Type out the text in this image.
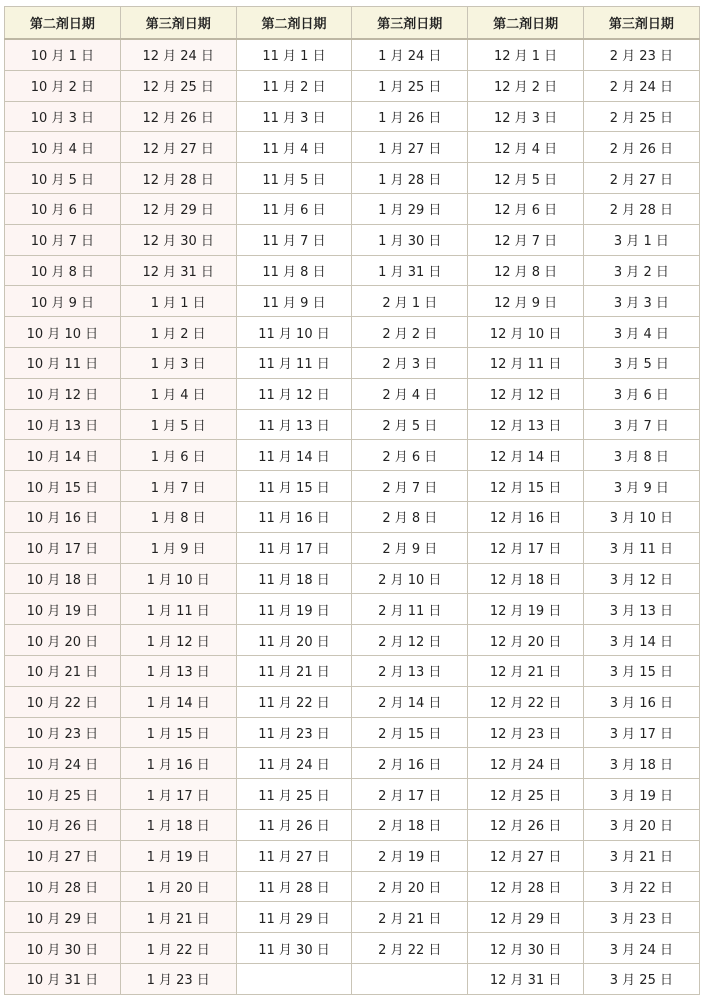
第二剤日期	第三剤日期	第二剤日期	第三剤日期	第二剤日期	第三剤日期
10 月 1 日	12 月 24 日	11 月 1 日	1 月 24 日	12 月 1 日	2 月 23 日
10 月 2 日	12 月 25 日	11 月 2 日	1 月 25 日	12 月 2 日	2 月 24 日
10 月 3 日	12 月 26 日	11 月 3 日	1 月 26 日	12 月 3 日	2 月 25 日
10 月 4 日	12 月 27 日	11 月 4 日	1 月 27 日	12 月 4 日	2 月 26 日
10 月 5 日	12 月 28 日	11 月 5 日	1 月 28 日	12 月 5 日	2 月 27 日
10 月 6 日	12 月 29 日	11 月 6 日	1 月 29 日	12 月 6 日	2 月 28 日
10 月 7 日	12 月 30 日	11 月 7 日	1 月 30 日	12 月 7 日	3 月 1 日
10 月 8 日	12 月 31 日	11 月 8 日	1 月 31 日	12 月 8 日	3 月 2 日
10 月 9 日	1 月 1 日	11 月 9 日	2 月 1 日	12 月 9 日	3 月 3 日
10 月 10 日	1 月 2 日	11 月 10 日	2 月 2 日	12 月 10 日	3 月 4 日
10 月 11 日	1 月 3 日	11 月 11 日	2 月 3 日	12 月 11 日	3 月 5 日
10 月 12 日	1 月 4 日	11 月 12 日	2 月 4 日	12 月 12 日	3 月 6 日
10 月 13 日	1 月 5 日	11 月 13 日	2 月 5 日	12 月 13 日	3 月 7 日
10 月 14 日	1 月 6 日	11 月 14 日	2 月 6 日	12 月 14 日	3 月 8 日
10 月 15 日	1 月 7 日	11 月 15 日	2 月 7 日	12 月 15 日	3 月 9 日
10 月 16 日	1 月 8 日	11 月 16 日	2 月 8 日	12 月 16 日	3 月 10 日
10 月 17 日	1 月 9 日	11 月 17 日	2 月 9 日	12 月 17 日	3 月 11 日
10 月 18 日	1 月 10 日	11 月 18 日	2 月 10 日	12 月 18 日	3 月 12 日
10 月 19 日	1 月 11 日	11 月 19 日	2 月 11 日	12 月 19 日	3 月 13 日
10 月 20 日	1 月 12 日	11 月 20 日	2 月 12 日	12 月 20 日	3 月 14 日
10 月 21 日	1 月 13 日	11 月 21 日	2 月 13 日	12 月 21 日	3 月 15 日
10 月 22 日	1 月 14 日	11 月 22 日	2 月 14 日	12 月 22 日	3 月 16 日
10 月 23 日	1 月 15 日	11 月 23 日	2 月 15 日	12 月 23 日	3 月 17 日
10 月 24 日	1 月 16 日	11 月 24 日	2 月 16 日	12 月 24 日	3 月 18 日
10 月 25 日	1 月 17 日	11 月 25 日	2 月 17 日	12 月 25 日	3 月 19 日
10 月 26 日	1 月 18 日	11 月 26 日	2 月 18 日	12 月 26 日	3 月 20 日
10 月 27 日	1 月 19 日	11 月 27 日	2 月 19 日	12 月 27 日	3 月 21 日
10 月 28 日	1 月 20 日	11 月 28 日	2 月 20 日	12 月 28 日	3 月 22 日
10 月 29 日	1 月 21 日	11 月 29 日	2 月 21 日	12 月 29 日	3 月 23 日
10 月 30 日	1 月 22 日	11 月 30 日	2 月 22 日	12 月 30 日	3 月 24 日
10 月 31 日	1 月 23 日			12 月 31 日	3 月 25 日
